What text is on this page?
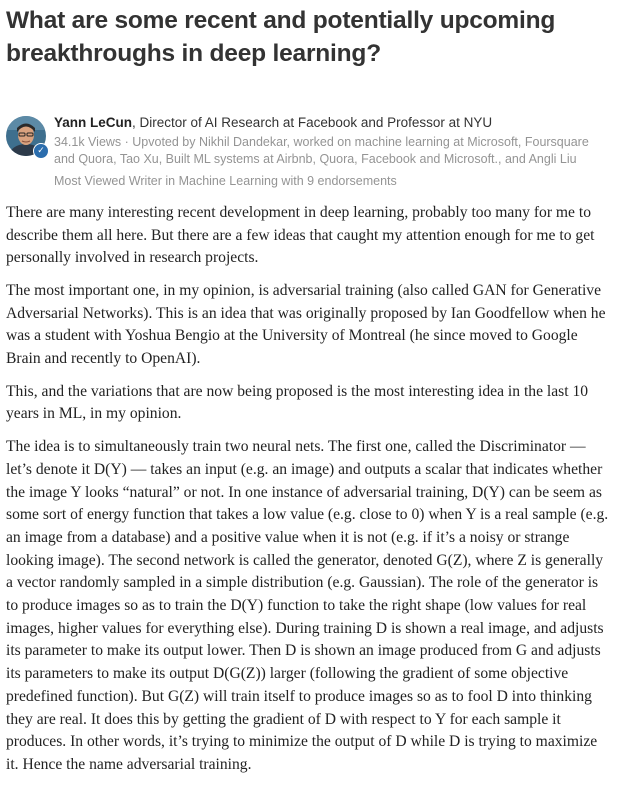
What are some recent and potentially upcoming breakthroughs in deep learning?
✓
Yann LeCun, Director of AI Research at Facebook and Professor at NYU
34.1k Views · Upvoted by Nikhil Dandekar, worked on machine learning at Microsoft, Foursquare and Quora, Tao Xu, Built ML systems at Airbnb, Quora, Facebook and Microsoft., and Angli Liu
Most Viewed Writer in Machine Learning with 9 endorsements

There are many interesting recent development in deep learning, probably too many for me to describe them all here. But there are a few ideas that caught my attention enough for me to get personally involved in research projects.

The most important one, in my opinion, is adversarial training (also called GAN for Generative Adversarial Networks). This is an idea that was originally proposed by Ian Goodfellow when he was a student with Yoshua Bengio at the University of Montreal (he since moved to Google Brain and recently to OpenAI).

This, and the variations that are now being proposed is the most interesting idea in the last 10 years in ML, in my opinion.

The idea is to simultaneously train two neural nets. The first one, called the Discriminator — let’s denote it D(Y) — takes an input (e.g. an image) and outputs a scalar that indicates whether the image Y looks “natural” or not. In one instance of adversarial training, D(Y) can be seem as some sort of energy function that takes a low value (e.g. close to 0) when Y is a real sample (e.g. an image from a database) and a positive value when it is not (e.g. if it’s a noisy or strange looking image). The second network is called the generator, denoted G(Z), where Z is generally a vector randomly sampled in a simple distribution (e.g. Gaussian). The role of the generator is to produce images so as to train the D(Y) function to take the right shape (low values for real images, higher values for everything else). During training D is shown a real image, and adjusts its parameter to make its output lower. Then D is shown an image produced from G and adjusts its parameters to make its output D(G(Z)) larger (following the gradient of some objective predefined function). But G(Z) will train itself to produce images so as to fool D into thinking they are real. It does this by getting the gradient of D with respect to Y for each sample it produces. In other words, it’s trying to minimize the output of D while D is trying to maximize it. Hence the name adversarial training.
